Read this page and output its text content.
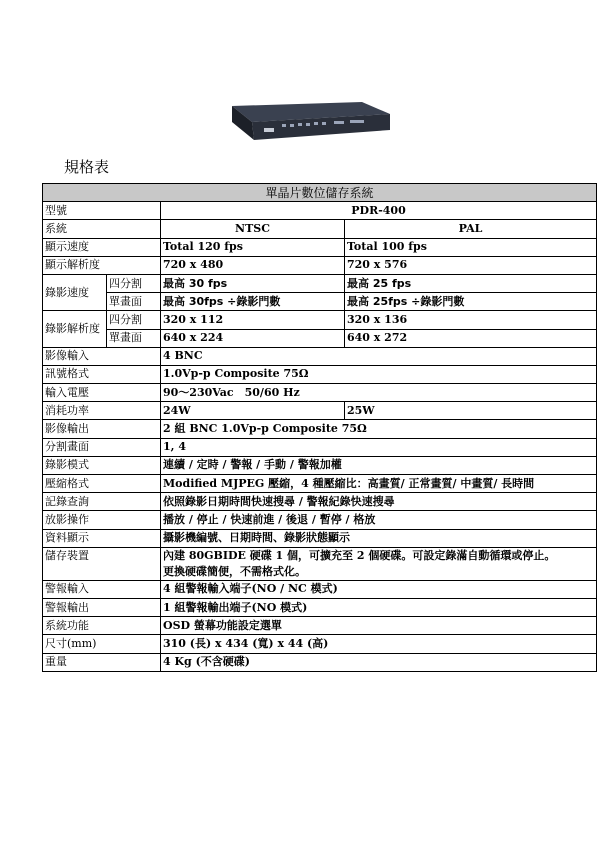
規格表
單晶片數位儲存系統			
型號		PDR-400	
系統		NTSC	PAL
顯示速度		Total 120 fps	Total 100 fps
顯示解析度		720 x 480	720 x 576
錄影速度	四分割	最高 30 fps	最高 25 fps
	單畫面	最高 30fps ÷錄影門數	最高 25fps ÷錄影門數
錄影解析度	四分割	320 x 112	320 x 136
	單畫面	640 x 224	640 x 272
影像輸入		4 BNC	
訊號格式		1.0Vp-p Composite 75Ω	
輸入電壓		90～230Vac　50/60 Hz	
消耗功率		24W	25W
影像輸出		2 組 BNC 1.0Vp-p Composite 75Ω	
分割畫面		1, 4	
錄影模式		連續 / 定時 / 警報 / 手動 / 警報加權	
壓縮格式		Modified MJPEG 壓縮，4 種壓縮比：高畫質/ 正常畫質/ 中畫質/ 長時間	
記錄查詢		依照錄影日期時間快速搜尋 / 警報紀錄快速搜尋	
放影操作		播放 / 停止 / 快速前進 / 後退 / 暫停 / 格放	
資料顯示		攝影機編號、日期時間、錄影狀態顯示	
儲存裝置		內建 80GBIDE 硬碟 1 個，可擴充至 2 個硬碟。可設定錄滿自動循環或停止。
更換硬碟簡便，不需格式化。	

警報輸入		4 組警報輸入端子(NO / NC 模式)	
警報輸出		1 組警報輸出端子(NO 模式)	
系統功能		OSD 螢幕功能設定選單	
尺寸(mm)		310 (長) x 434 (寬) x 44 (高)	
重量		4 Kg (不含硬碟)	
